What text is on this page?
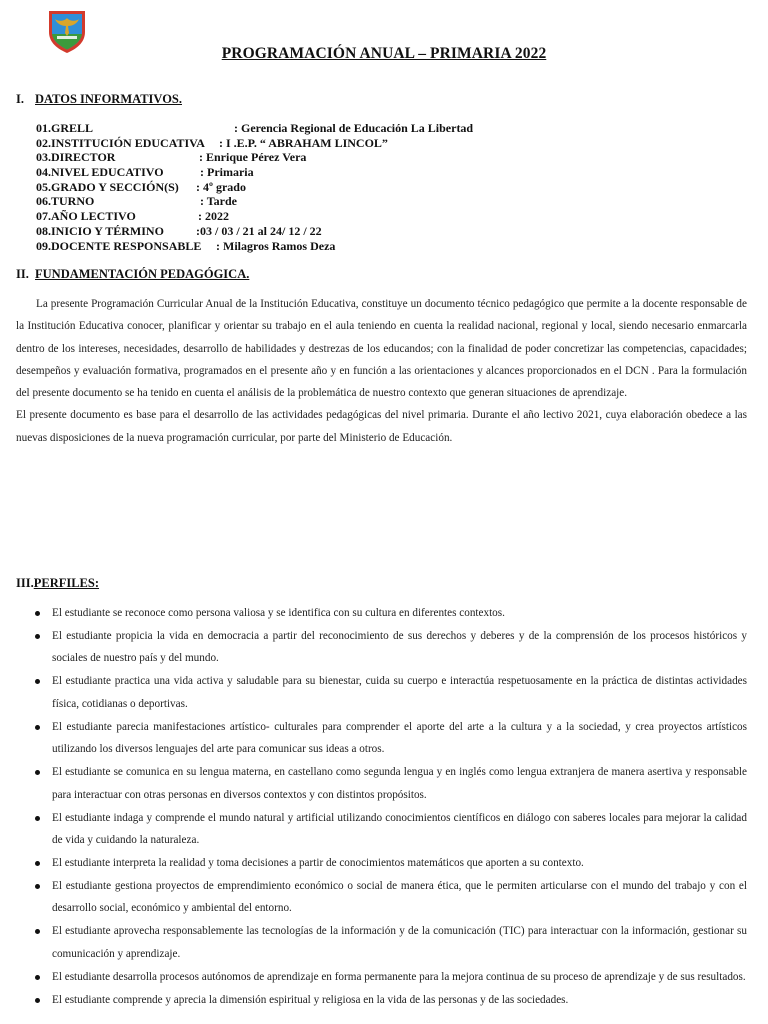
PROGRAMACIÓN ANUAL – PRIMARIA 2022
I. DATOS INFORMATIVOS.
01.GRELL	: Gerencia Regional de Educación La Libertad
02.INSTITUCIÓN EDUCATIVA : I .E.P. “ ABRAHAM LINCOL”
03.DIRECTOR	: Enrique Pérez Vera
04.NIVEL EDUCATIVO	: Primaria
05.GRADO Y SECCIÓN(S) : 4º grado
06.TURNO	: Tarde
07.AÑO LECTIVO	: 2022
08.INICIO Y TÉRMINO	:03 / 03 / 21 al 24/ 12 / 22
09.DOCENTE RESPONSABLE : Milagros Ramos Deza
II. FUNDAMENTACIÓN PEDAGÓGICA.

La presente Programación Curricular Anual de la Institución Educativa, constituye un documento técnico pedagógico que permite a la docente responsable de la Institución Educativa conocer, planificar y orientar su trabajo en el aula teniendo en cuenta la realidad nacional, regional y local, siendo necesario enmarcarla dentro de los intereses, necesidades, desarrollo de habilidades y destrezas de los educandos; con la finalidad de poder concretizar las competencias, capacidades; desempeños y evaluación formativa, programados en el presente año y en función a las orientaciones y alcances proporcionados en el DCN . Para la formulación del presente documento se ha tenido en cuenta el análisis de la problemática de nuestro contexto que generan situaciones de aprendizaje.

El presente documento es base para el desarrollo de las actividades pedagógicas del nivel primaria. Durante el año lectivo 2021, cuya elaboración obedece a las nuevas disposiciones de la nueva programación curricular, por parte del Ministerio de Educación.

III.PERFILES:
El estudiante se reconoce como persona valiosa y se identifica con su cultura en diferentes contextos.
El estudiante propicia la vida en democracia a partir del reconocimiento de sus derechos y deberes y de la comprensión de los procesos históricos y sociales de nuestro país y del mundo.
El estudiante practica una vida activa y saludable para su bienestar, cuida su cuerpo e interactúa respetuosamente en la práctica de distintas actividades física, cotidianas o deportivas.
El estudiante parecia manifestaciones artístico- culturales para comprender el aporte del arte a la cultura y a la sociedad, y crea proyectos artísticos utilizando los diversos lenguajes del arte para comunicar sus ideas a otros.
El estudiante se comunica en su lengua materna, en castellano como segunda lengua y en inglés como lengua extranjera de manera asertiva y responsable para interactuar con otras personas en diversos contextos y con distintos propósitos.
El estudiante indaga y comprende el mundo natural y artificial utilizando conocimientos científicos en diálogo con saberes locales para mejorar la calidad de vida y cuidando la naturaleza.
El estudiante interpreta la realidad y toma decisiones a partir de conocimientos matemáticos que aporten a su contexto.
El estudiante gestiona proyectos de emprendimiento económico o social de manera ética, que le permiten articularse con el mundo del trabajo y con el desarrollo social, económico y ambiental del entorno.
El estudiante aprovecha responsablemente las tecnologías de la información y de la comunicación (TIC) para interactuar con la información, gestionar su comunicación y aprendizaje.
El estudiante desarrolla procesos autónomos de aprendizaje en forma permanente para la mejora continua de su proceso de aprendizaje y de sus resultados.
El estudiante comprende y aprecia la dimensión espiritual y religiosa en la vida de las personas y de las sociedades.
